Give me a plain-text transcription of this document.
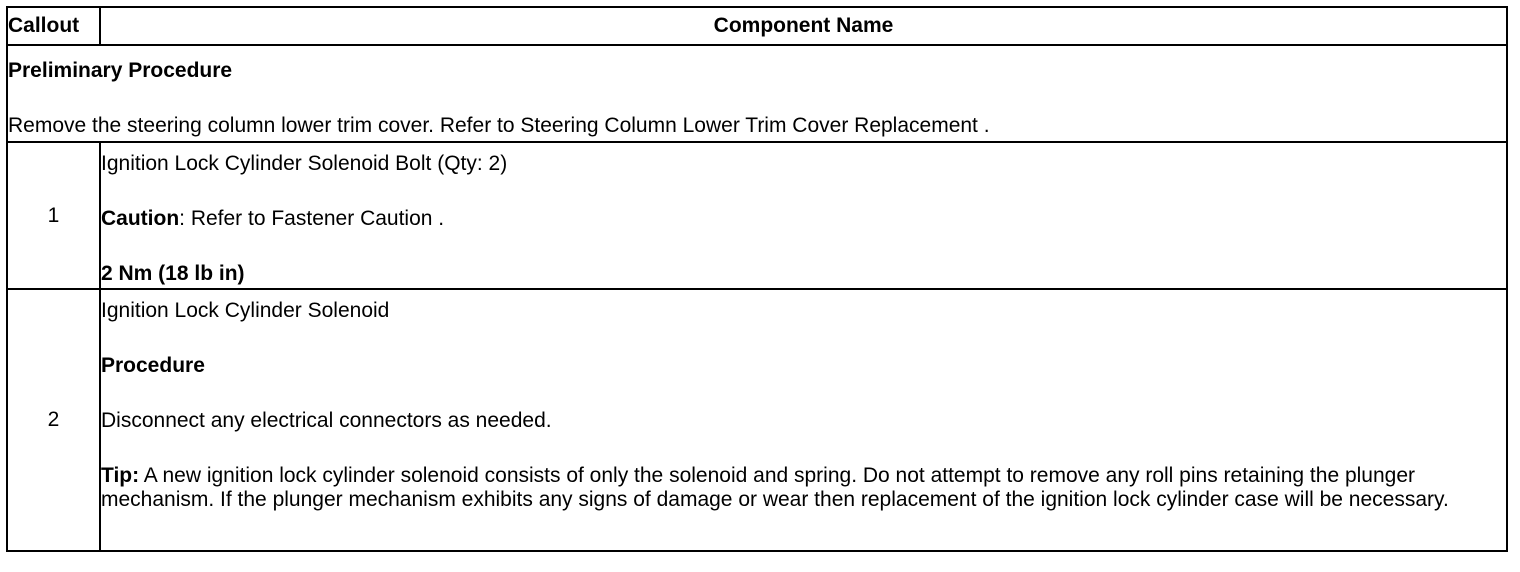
Callout	Component Name

Preliminary Procedure
Remove the steering column lower trim cover. Refer to Steering Column Lower Trim Cover Replacement .	

1	Ignition Lock Cylinder Solenoid Bolt (Qty: 2)

Caution: Refer to Fastener Caution .

2 Nm (18 lb in)

2	Ignition Lock Cylinder Solenoid

Procedure

Disconnect any electrical connectors as needed.

Tip: A new ignition lock cylinder solenoid consists of only the solenoid and spring. Do not attempt to remove any roll pins retaining the plunger mechanism. If the plunger mechanism exhibits any signs of damage or wear then replacement of the ignition lock cylinder case will be necessary.
